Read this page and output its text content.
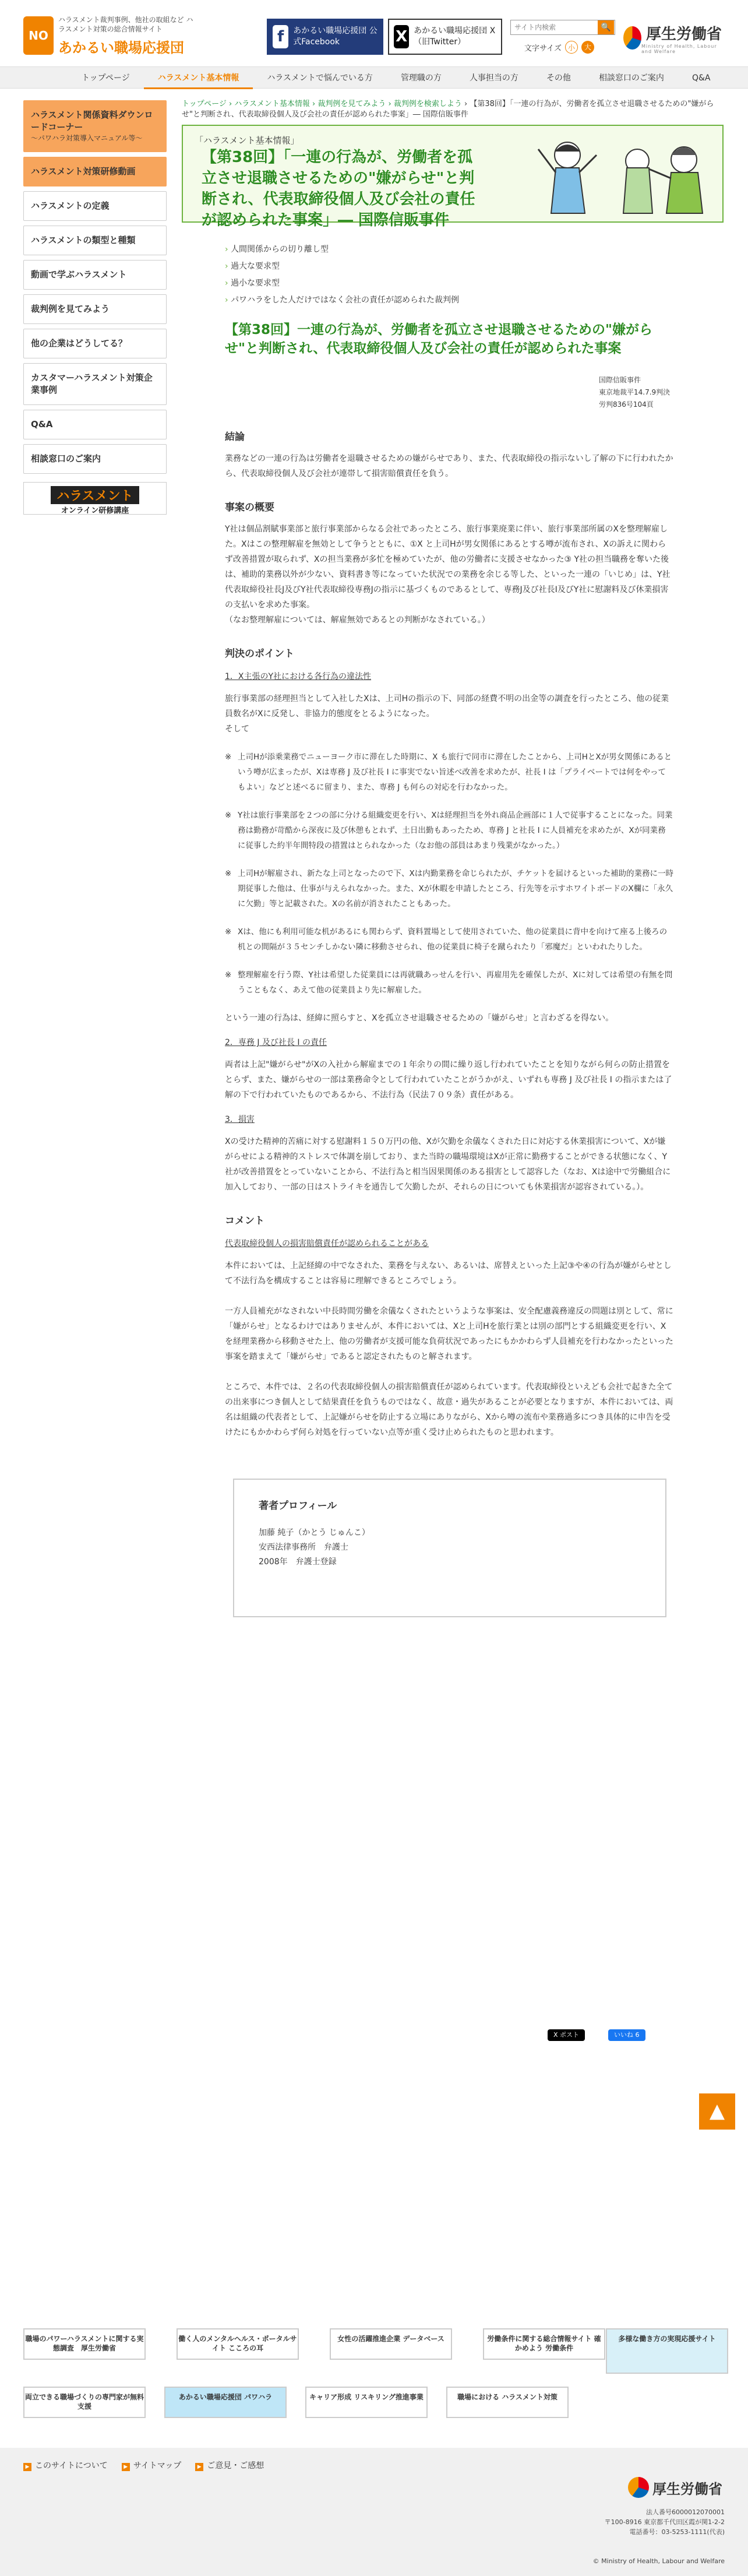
NO
ハラスメント裁判事例、他社の取組など ハラスメント対策の総合情報サイト
あかるい職場応援団
f	あかるい職場応援団 公式Facebook	X あかるい職場応援団 X（旧Twitter）
サイト内検索
🔍
文字サイズ 小	大
厚生労働省
Ministry of Health, Labour and Welfare
トップページ	ハラスメント基本情報	ハラスメントで悩んでいる方	管理職の方	人事担当の方	その他	相談窓口のご案内	Q&A
ハラスメント関係資料ダウンロードコーナー
〜パワハラ対策導入マニュアル等〜
ハラスメント対策研修動画
ハラスメントの定義
ハラスメントの類型と種類
動画で学ぶハラスメント
裁判例を見てみよう
他の企業はどうしてる？
カスタマーハラスメント対策企業事例
Q&A
相談窓口のご案内
ハラスメント
オンライン研修講座
トップページ › ハラスメント基本情報 › 裁判例を見てみよう › 裁判例を検索しよう › 【第38回】「一連の行為が、労働者を孤立させ退職させるための"嫌がらせ"と判断され、代表取締役個人及び会社の責任が認められた事案」― 国際信販事件
「ハラスメント基本情報」
【第38回】「一連の行為が、労働者を孤立させ退職させるための"嫌がらせ"と判断され、代表取締役個人及び会社の責任が認められた事案」― 国際信販事件
› 人間関係からの切り離し型
› 過大な要求型
› 過小な要求型
› パワハラをした人だけではなく会社の責任が認められた裁判例
【第38回】一連の行為が、労働者を孤立させ退職させるための"嫌がらせ"と判断され、代表取締役個人及び会社の責任が認められた事案
国際信販事件
東京地裁平14.7.9判決
労判836号104頁
結論

業務などの一連の行為は労働者を退職させるための嫌がらせであり、また、代表取締役の指示ないし了解の下に行われたから、代表取締役個人及び会社が連帯して損害賠償責任を負う。

事案の概要

Y社は個品割賦事業部と旅行事業部からなる会社であったところ、旅行事業廃業に伴い、旅行事業部所属のXを整理解雇した。Xはこの整理解雇を無効として争うとともに、①X と上司Hが男女関係にあるとする噂が流布され、Xの訴えに関わらず改善措置が取られず、Xの担当業務が多忙を極めていたが、他の労働者に支援させなかった③ Y社の担当職務を奪いた後は、補助的業務以外が少ない、資料書き等になっていた状況での業務を余じる等した、といった一連の「いじめ」は、Y社代表取締役社長J及びY社代表取締役専務Jの指示に基づくものであるとして、専務J及び社長I及びY社に慰謝料及び休業損害の支払いを求めた事案。

（なお整理解雇については、解雇無効であるとの判断がなされている。）

判決のポイント
1．X主張のY社における各行為の違法性

旅行事業部の経理担当として入社したXは、上司Hの指示の下、同部の経費不明の出金等の調査を行ったところ、他の従業員数名がXに反発し、非協力的態度をとるようになった。

そして

※ 上司Hが添乗業務でニューヨーク市に滞在した時期に、X も旅行で同市に滞在したことから、上司HとXが男女関係にあるという噂が広まったが、Xは専務 J 及び社長 I に事実でない旨述べ改善を求めたが、社長 I は「プライベートでは何をやってもよい」などと述べるに留まり、また、専務 J も何らの対応を行わなかった。

※ Y社は旅行事業部を２つの部に分ける組織変更を行い、Xは経理担当を外れ商品企画部に１人で従事することになった。同業務は勤務が苛酷から深夜に及び休憩もとれず、土日出勤もあったため、専務 J と社長 I に人員補充を求めたが、Xが同業務に従事した約半年間特段の措置はとられなかった（なお他の部員はあまり残業がなかった。）

※ 上司Hが解雇され、新たな上司となったので下、Xは内勤業務を命じられたが、チケットを届けるといった補助的業務に一時期従事した他は、仕事が与えられなかった。また、Xが休暇を申請したところ、行先等を示すホワイトボードのX欄に「永久に欠勤」等と記載された。Xの名前が消されたこともあった。

※ Xは、他にも利用可能な机があるにも関わらず、資料置場として使用されていた、他の従業員に背中を向けて座る上後ろの机との間隔が３５センチしかない隣に移動させられ、他の従業員に椅子を蹴られたり「邪魔だ」といわれたりした。

※ 整理解雇を行う際、Y社は希望した従業員には再就職あっせんを行い、再雇用先を確保したが、Xに対しては希望の有無を問うこともなく、あえて他の従業員より先に解雇した。

という一連の行為は、経緯に照らすと、Xを孤立させ退職させるための「嫌がらせ」と言わざるを得ない。

2．専務 J 及び社長 I の責任

両者は上記"嫌がらせ"がXの入社から解雇までの１年余りの間に繰り返し行われていたことを知りながら何らの防止措置をとらず、また、嫌がらせの一部は業務命令として行われていたことがうかがえ、いずれも専務 J 及び社長 I の指示または了解の下で行われていたものであるから、不法行為（民法７０９条）責任がある。

3．損害

Xの受けた精神的苦痛に対する慰謝料１５０万円の他、Xが欠勤を余儀なくされた日に対応する休業損害について、Xが嫌がらせによる精神的ストレスで体調を崩しており、また当時の職場環境はXが正常に勤務することができる状態になく、Y社が改善措置をとっていないことから、不法行為と相当因果関係のある損害として認容した（なお、Xは途中で労働組合に加入しており、一部の日はストライキを通告して欠勤したが、それらの日についても休業損害が認容されている。）。

コメント
代表取締役個人の損害賠償責任が認められることがある

本件においては、上記経緯の中でなされた、業務を与えない、あるいは、席替えといった上記③や④の行為が嫌がらせとして不法行為を構成することは容易に理解できるところでしょう。

一方人員補充がなされない中長時間労働を余儀なくされたというような事案は、安全配慮義務違反の問題は別として、常に「嫌がらせ」となるわけではありませんが、本件においては、Xと上司Hを旅行業とは別の部門とする組織変更を行い、Xを経理業務から移動させた上、他の労働者が支援可能な負荷状況であったにもかかわらず人員補充を行わなかったといった事案を踏まえて「嫌がらせ」であると認定されたものと解されます。

ところで、本件では、２名の代表取締役個人の損害賠償責任が認められています。代表取締役といえども会社で起きた全ての出来事につき個人として結果責任を負うものではなく、故意・過失があることが必要となりますが、本件においては、両名は組織の代表者として、上記嫌がらせを防止する立場にありながら、Xから噂の流布や業務過多につき具体的に申告を受けたにもかかわらず何ら対処を行っていない点等が重く受け止められたものと思われます。

著者プロフィール
加藤 純子（かとう じゅんこ）
安西法律事務所　弁護士
2008年　弁護士登録
X ポスト	いいね 6
▲
職場のパワーハラスメントに関する実態調査　厚生労働省
働く人のメンタルヘルス・ポータルサイト こころの耳
女性の活躍推進企業 データベース	労働条件に関する総合情報サイト 確かめよう 労働条件
多様な働き方の実現応援サイト
両立できる職場づくりの専門家が無料支援
あかるい職場応援団 パワハラ	キャリア形成 リスキリング推進事業	職場における ハラスメント対策
▶ このサイトについて	▶ サイトマップ	▶ ご意見・ご感想
厚生労働省
法人番号6000012070001
〒100-8916 東京都千代田区霞が関1-2-2
電話番号：03-5253-1111(代表)
© Ministry of Health, Labour and Welfare
